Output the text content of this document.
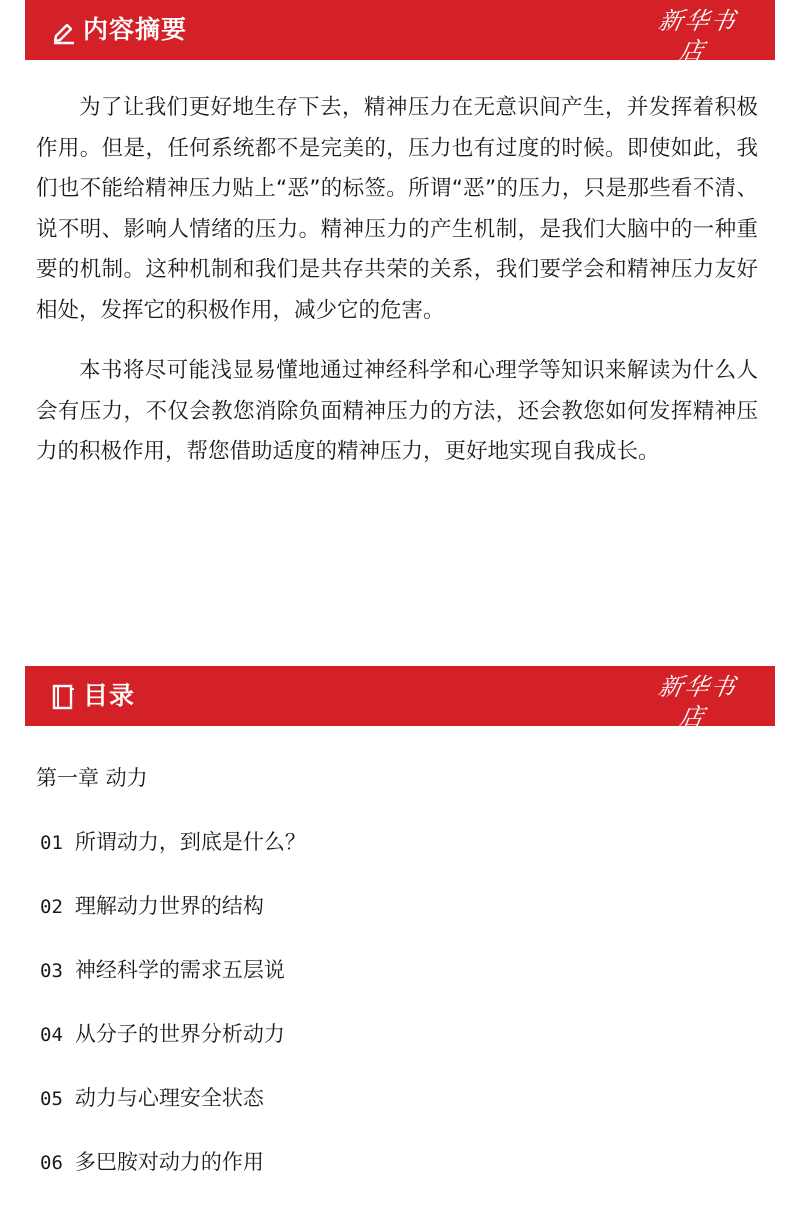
内容摘要	新华书店
XINHUA BOOKSTORE

为了让我们更好地生存下去，精神压力在无意识间产生，并发挥着积极作用。但是，任何系统都不是完美的，压力也有过度的时候。即使如此，我们也不能给精神压力贴上“恶”的标签。所谓“恶”的压力，只是那些看不清、说不明、影响人情绪的压力。精神压力的产生机制，是我们大脑中的一种重要的机制。这种机制和我们是共存共荣的关系，我们要学会和精神压力友好相处，发挥它的积极作用，减少它的危害。

本书将尽可能浅显易懂地通过神经科学和心理学等知识来解读为什么人会有压力，不仅会教您消除负面精神压力的方法，还会教您如何发挥精神压力的积极作用，帮您借助适度的精神压力，更好地实现自我成长。

目录	新华书店
XINHUA BOOKSTORE
第一章 动力
01 所谓动力，到底是什么？
02 理解动力世界的结构
03 神经科学的需求五层说
04 从分子的世界分析动力
05 动力与心理安全状态
06 多巴胺对动力的作用
